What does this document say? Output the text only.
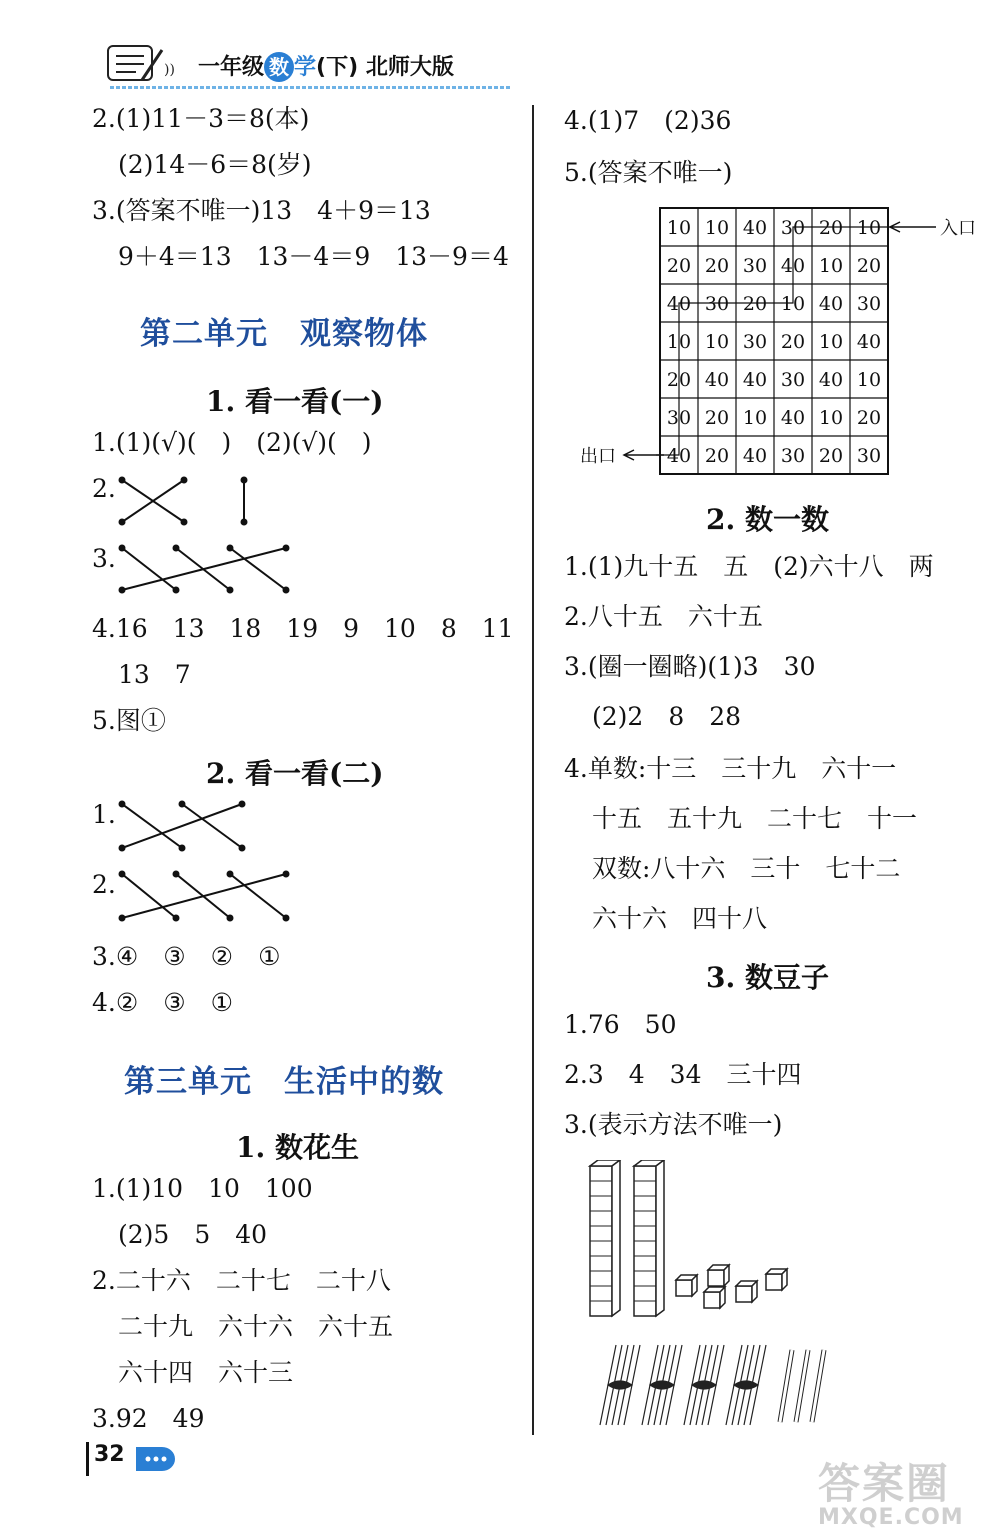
)) 一年级 数 学(下) 北师大版
2.(1)11－3＝8(本)
(2)14－6＝8(岁)
3.(答案不唯一)13　4＋9＝13
9＋4＝13　13－4＝9　13－9＝4
第二单元　观察物体
1. 看一看(一)
1.(1)(√)(　)　(2)(√)(　)
2.
3.
4.16　13　18　19　9　10　8　11
13　7
5.图①
2. 看一看(二)
1.
2.
3.④　③　②　①
4.②　③　①
第三单元　生活中的数
1. 数花生
1.(1)10　10　100
(2)5　5　40
2.二十六　二十七　二十八
二十九　六十六　六十五
六十四　六十三
3.92　49
4.(1)7　(2)36
5.(答案不唯一)
10 10 40 30 20 10
20 20 30 40 10 20
40 30 20 10 40 30
10 10 30 20 10 40
20 40 40 30 40 10
30 20 10 40 10 20
40 20 40 30 20 30
入口
出口
2. 数一数
1.(1)九十五　五　(2)六十八　两
2.八十五　六十五
3.(圈一圈略)(1)3　30
(2)2　8　28
4.单数:十三　三十九　六十一
十五　五十九　二十七　十一
双数:八十六　三十　七十二
六十六　四十八
3. 数豆子
1.76　50
2.3　4　34　三十四
3.(表示方法不唯一)
32
答案圈
MXQE.COM
